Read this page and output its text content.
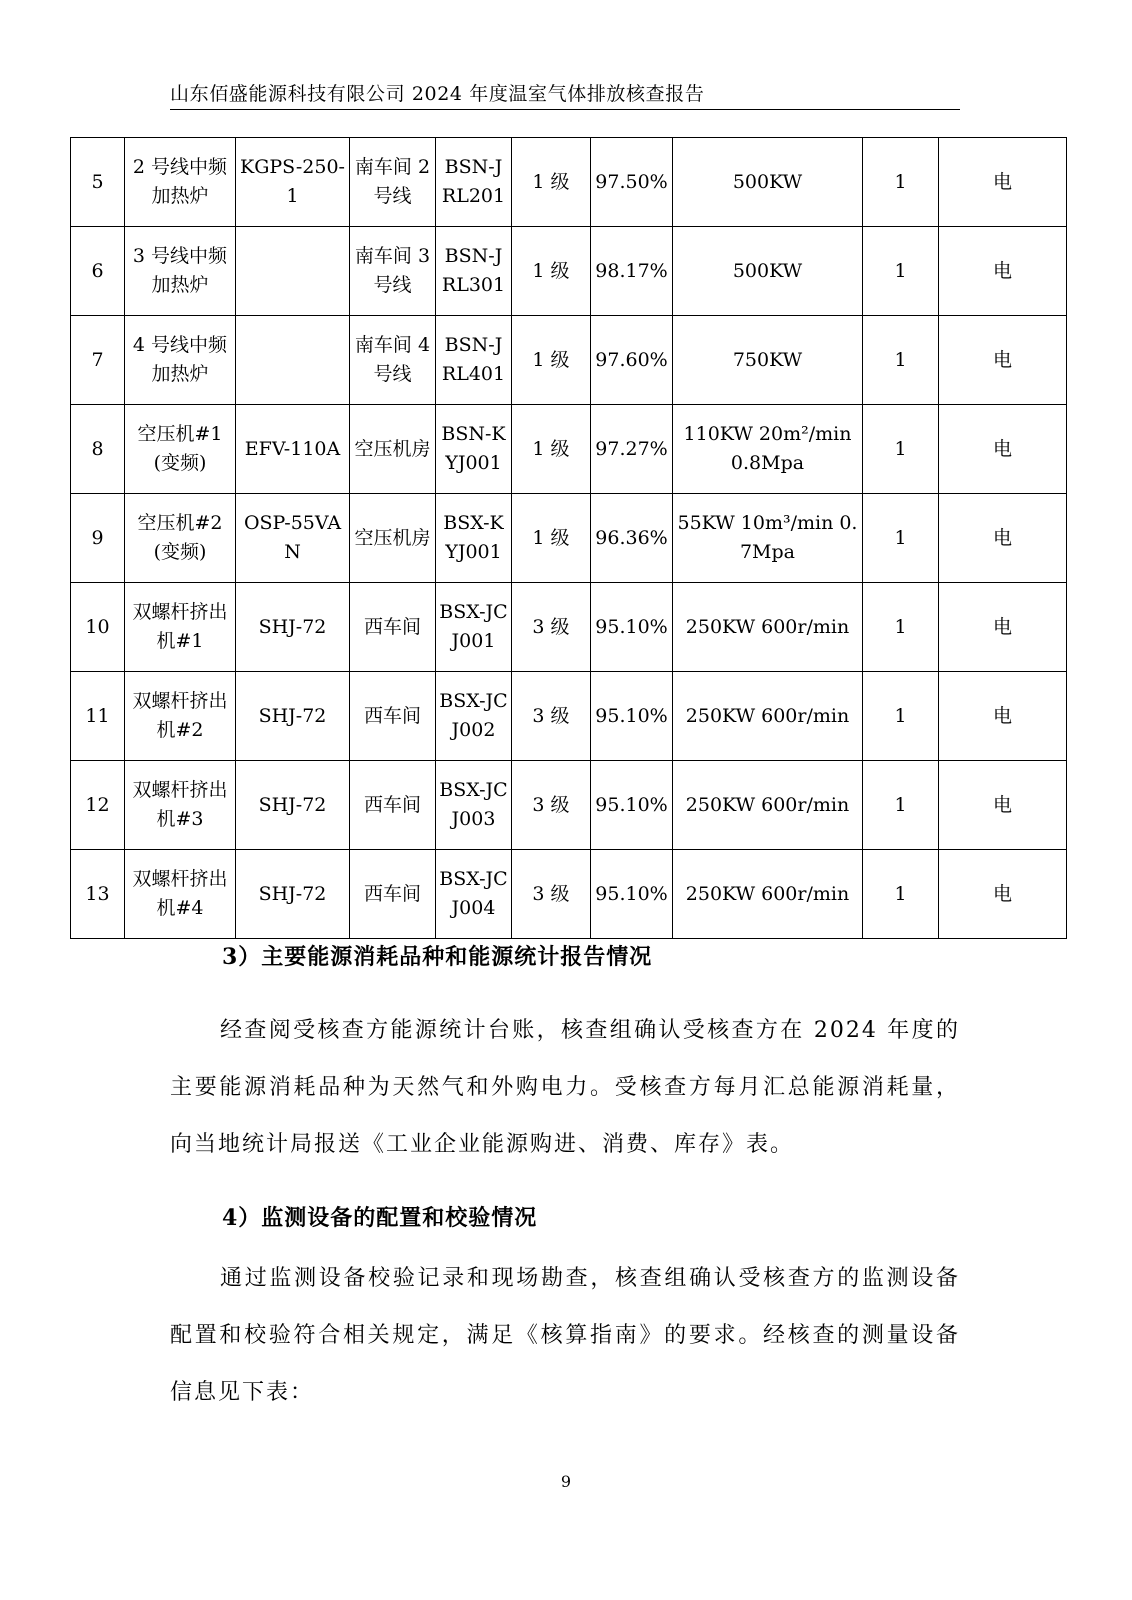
山东佰盛能源科技有限公司 2024 年度温室气体排放核查报告
5	2 号线中频加热炉	KGPS-250-1	南车间 2 号线	BSN-JRL201	1 级	97.50%	500KW	1	电
6	3 号线中频加热炉		南车间 3 号线	BSN-JRL301	1 级	98.17%	500KW	1	电
7	4 号线中频加热炉		南车间 4 号线	BSN-JRL401	1 级	97.60%	750KW	1	电
8	空压机#1(变频)	EFV-110A	空压机房	BSN-KYJ001	1 级	97.27%	110KW 20m²/min 0.8Mpa	1	电
9	空压机#2(变频)	OSP-55VAN	空压机房	BSX-KYJ001	1 级	96.36%	55KW 10m³/min 0.7Mpa	1	电
10	双螺杆挤出机#1	SHJ-72	西车间	BSX-JCJ001	3 级	95.10%	250KW 600r/min	1	电
11	双螺杆挤出机#2	SHJ-72	西车间	BSX-JCJ002	3 级	95.10%	250KW 600r/min	1	电
12	双螺杆挤出机#3	SHJ-72	西车间	BSX-JCJ003	3 级	95.10%	250KW 600r/min	1	电
13	双螺杆挤出机#4	SHJ-72	西车间	BSX-JCJ004	3 级	95.10%	250KW 600r/min	1	电
3）主要能源消耗品种和能源统计报告情况

经查阅受核查方能源统计台账，核查组确认受核查方在 2024 年度的主要能源消耗品种为天然气和外购电力。受核查方每月汇总能源消耗量，向当地统计局报送《工业企业能源购进、消费、库存》表。

4）监测设备的配置和校验情况

通过监测设备校验记录和现场勘查，核查组确认受核查方的监测设备配置和校验符合相关规定，满足《核算指南》的要求。经核查的测量设备信息见下表：

9
